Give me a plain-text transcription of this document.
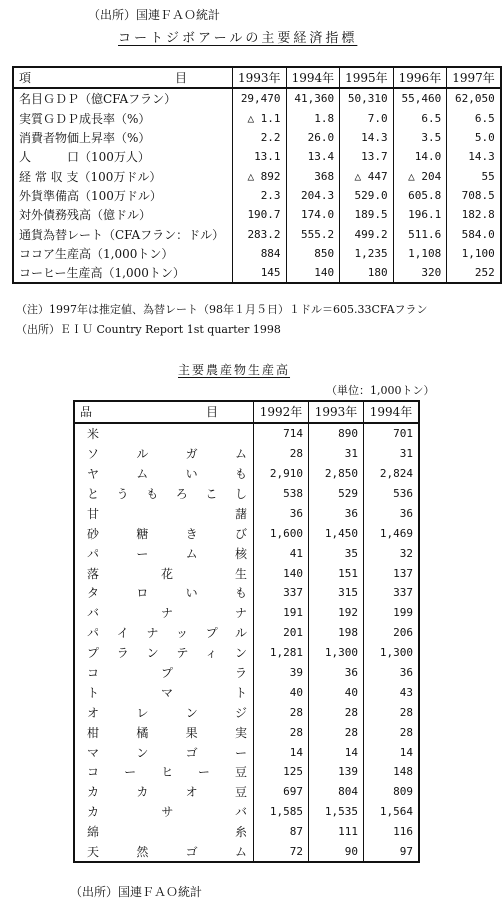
（出所）国連ＦＡＯ統計
コートジボアールの主要経済指標
項　　目	1993年	1994年	1995年	1996年	1997年
名目ＧＤＰ（億CFAフラン）	29,470	41,360	50,310	55,460	62,050
実質ＧＤＰ成長率（%）	△ 1.1	1.8	7.0	6.5	6.5
消費者物価上昇率（%）	2.2	26.0	14.3	3.5	5.0
人　　　口（100万人）	13.1	13.4	13.7	14.0	14.3
経 常 収 支（100万ドル）	△ 892	368	△ 447	△ 204	55
外貨準備高（100万ドル）	2.3	204.3	529.0	605.8	708.5
対外債務残高（億ドル）	190.7	174.0	189.5	196.1	182.8
通貨為替レート（CFAフラン：ドル）	283.2	555.2	499.2	511.6	584.0
ココア生産高（1,000トン）	884	850	1,235	1,108	1,100
コーヒー生産高（1,000トン）	145	140	180	320	252
（注）1997年は推定値、為替レート（98年１月５日）１ドル＝605.33CFAフラン
（出所）ＥＩＵ Country Report 1st quarter 1998
主要農産物生産高
（単位：1,000トン）
品　　目	1992年	1993年	1994年
米	714	890	701
ソルガム	28	31	31
ヤムいも	2,910	2,850	2,824
とうもろこし	538	529	536
甘藷	36	36	36
砂糖きび	1,600	1,450	1,469
パーム核	41	35	32
落花生	140	151	137
タロいも	337	315	337
バナナ	191	192	199
パイナップル	201	198	206
プランティン	1,281	1,300	1,300
コプラ	39	36	36
トマト	40	40	43
オレンジ	28	28	28
柑橘果実	28	28	28
マンゴー	14	14	14
コーヒー豆	125	139	148
カカオ豆	697	804	809
カサバ	1,585	1,535	1,564
綿糸	87	111	116
天然ゴム	72	90	97
（出所）国連ＦＡＯ統計
